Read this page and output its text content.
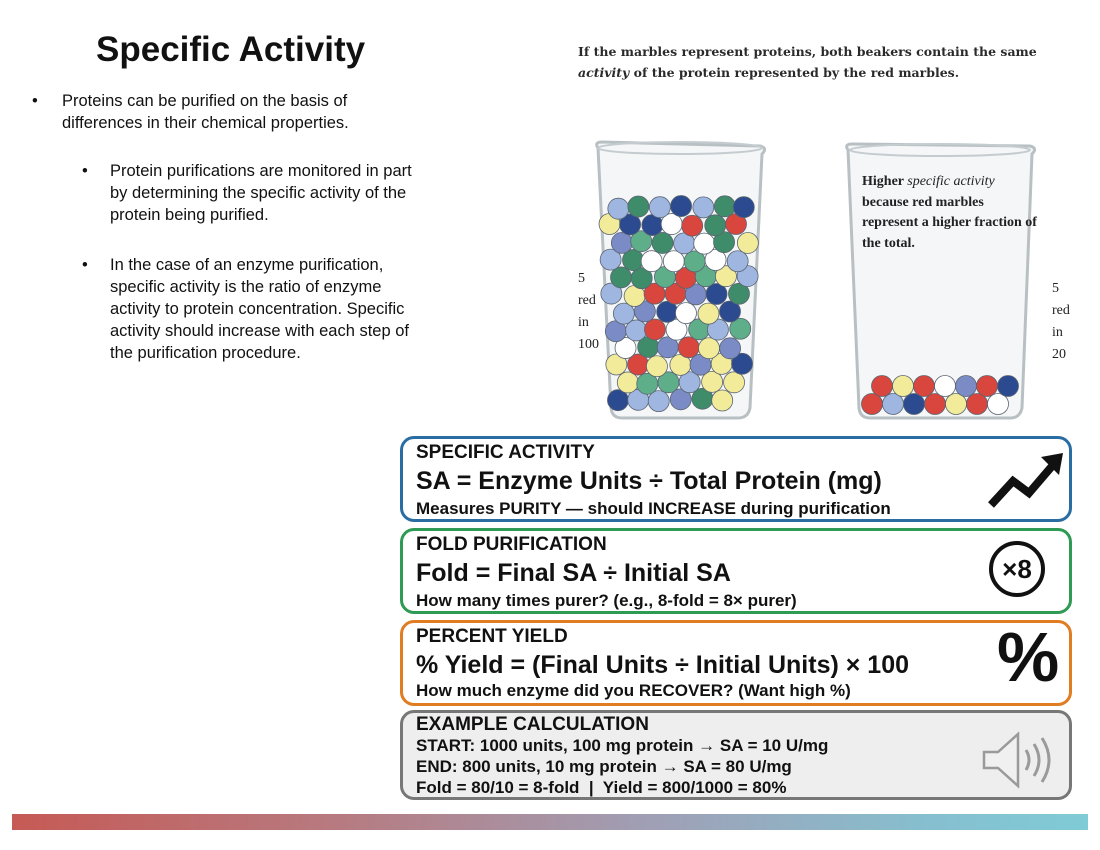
Specific Activity
• Proteins can be purified on the basis of differences in their chemical properties.
• Protein purifications are monitored in part by determining the specific activity of the protein being purified.
• In the case of an enzyme purification, specific activity is the ratio of enzyme activity to protein concentration. Specific activity should increase with each step of the purification procedure.
If the marbles represent proteins, both beakers contain the same activity of the protein represented by the red marbles.
5
red
in
100
Higher specific activity because red marbles represent a higher fraction of the total.
5
red
in
20
SPECIFIC ACTIVITY
SA = Enzyme Units ÷ Total Protein (mg)
Measures PURITY — should INCREASE during purification
FOLD PURIFICATION
Fold = Final SA ÷ Initial SA
How many times purer? (e.g., 8-fold = 8× purer)
×8
PERCENT YIELD
% Yield = (Final Units ÷ Initial Units) × 100
How much enzyme did you RECOVER? (Want high %) %
EXAMPLE CALCULATION
START: 1000 units, 100 mg protein → SA = 10 U/mg
END: 800 units, 10 mg protein → SA = 80 U/mg
Fold = 80/10 = 8-fold  |  Yield = 800/1000 = 80%
